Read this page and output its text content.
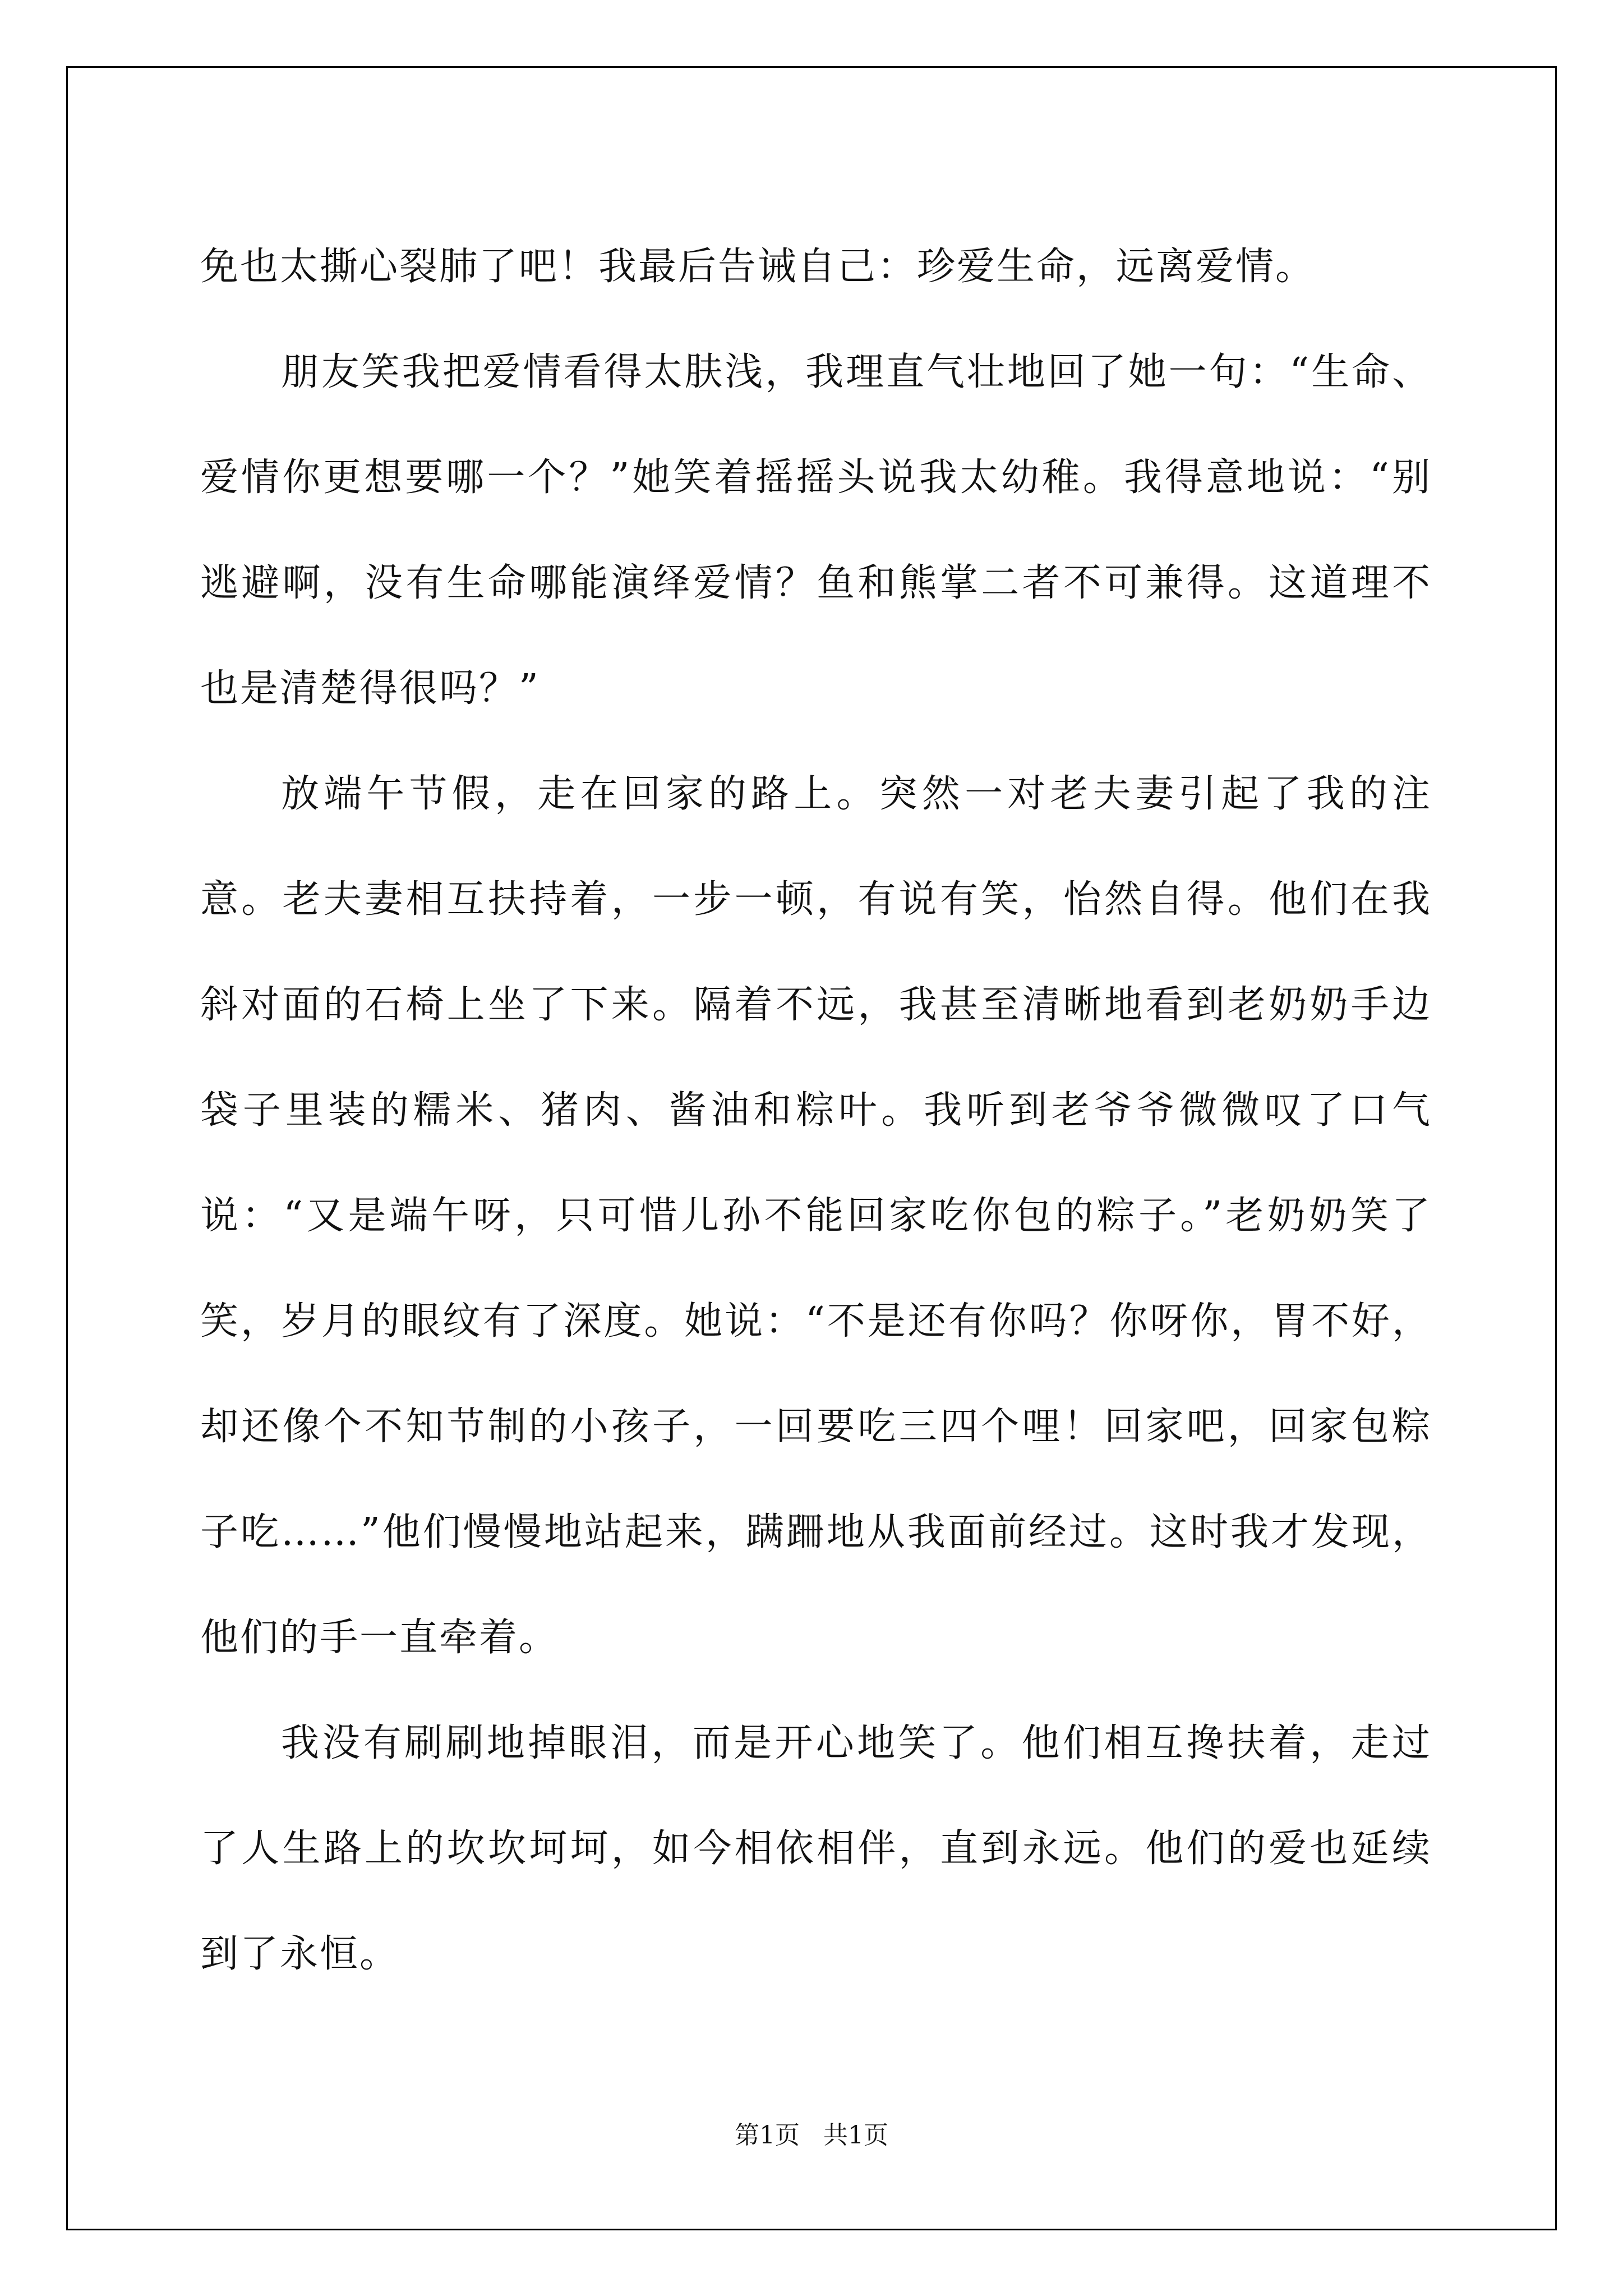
免也太撕心裂肺了吧！我最后告诫自己：珍爱生命，远离爱情。

朋友笑我把爱情看得太肤浅，我理直气壮地回了她一句：“生命、爱情你更想要哪一个？”她笑着摇摇头说我太幼稚。我得意地说：“别逃避啊，没有生命哪能演绎爱情？鱼和熊掌二者不可兼得。这道理不也是清楚得很吗？”

放端午节假，走在回家的路上。突然一对老夫妻引起了我的注意。老夫妻相互扶持着，一步一顿，有说有笑，怡然自得。他们在我斜对面的石椅上坐了下来。隔着不远，我甚至清晰地看到老奶奶手边袋子里装的糯米、猪肉、酱油和粽叶。我听到老爷爷微微叹了口气说：“又是端午呀，只可惜儿孙不能回家吃你包的粽子。”老奶奶笑了笑，岁月的眼纹有了深度。她说：“不是还有你吗？你呀你，胃不好，却还像个不知节制的小孩子，一回要吃三四个哩！回家吧，回家包粽子吃……”他们慢慢地站起来，蹒跚地从我面前经过。这时我才发现，他们的手一直牵着。

我没有刷刷地掉眼泪，而是开心地笑了。他们相互搀扶着，走过了人生路上的坎坎坷坷，如今相依相伴，直到永远。他们的爱也延续到了永恒。

第1页 共1页
